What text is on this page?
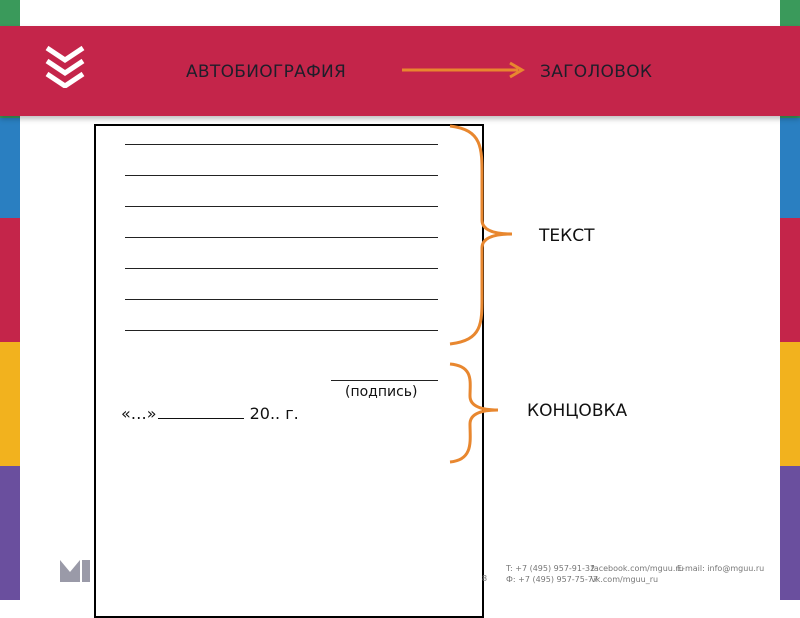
АВТОБИОГРАФИЯ	ЗАГОЛОВОК
(подпись)
«…»	20.. г.
ТЕКСТ
КОНЦОВКА
8
T: +7 (495) 957-91-32
Ф: +7 (495) 957-75-77
facebook.com/mguu.ru
E-mail: info@mguu.ru
vk.com/mguu_ru
